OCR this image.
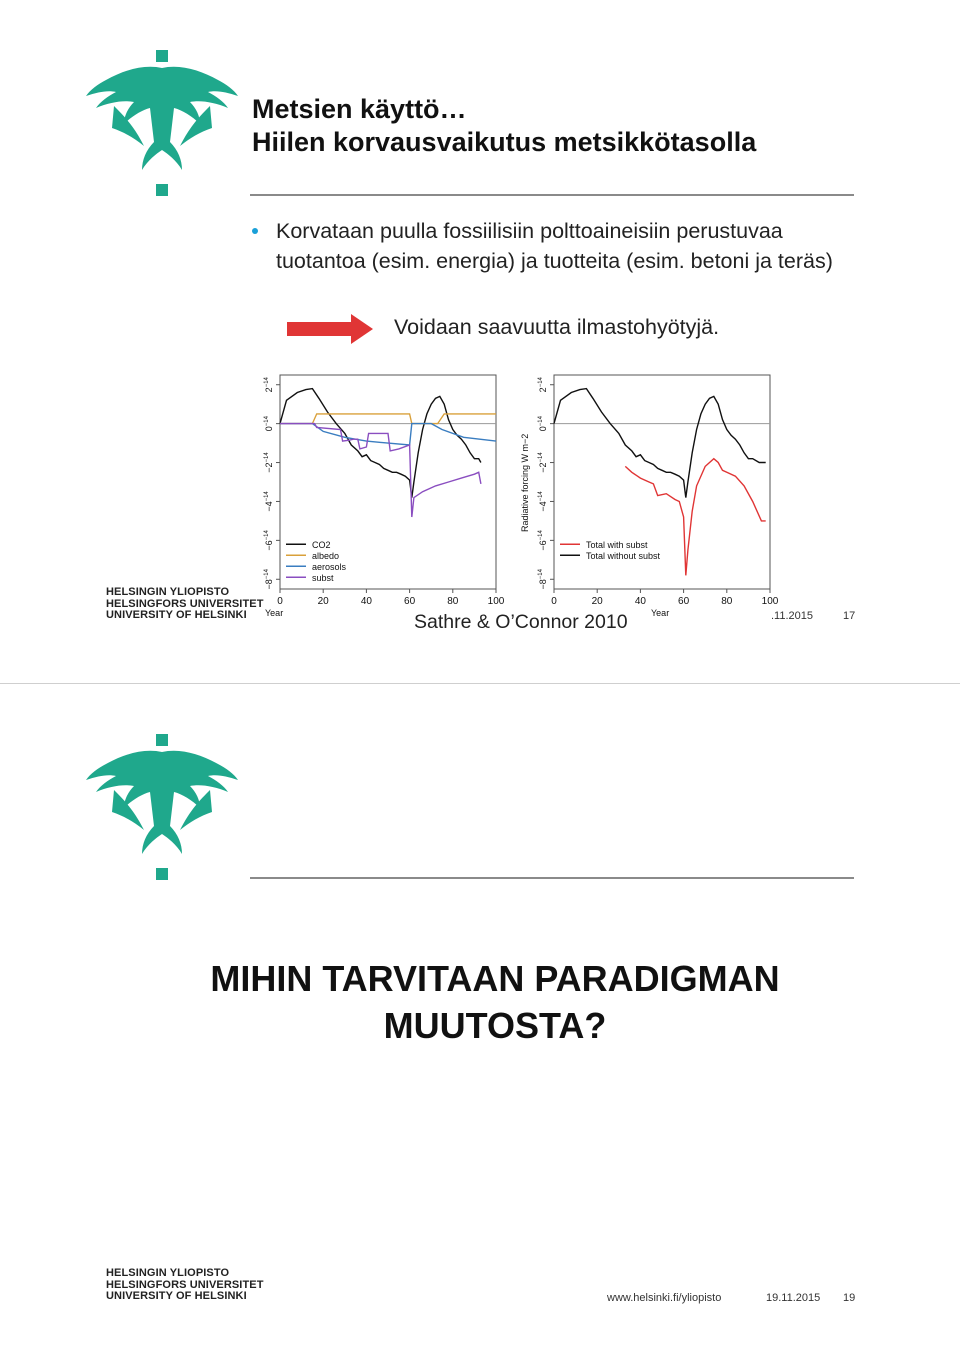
Metsien käyttö…
Hiilen korvausvaikutus metsikkötasolla
Korvataan puulla fossiilisiin polttoaineisiin perustuvaa tuotantoa (esim. energia) ja tuotteita (esim. betoni ja teräs)
Voidaan saavuutta ilmastohyötyjä.
Year
0	20	40	60	80	100
$-8^{-14}$
$-6^{-14}$
$-4^{-14}$
$-2^{-14}$
$0^{-14}$
$2^{-14}$
CO2
albedo
aerosols
subst
Year
Radiative forcing W m−2
0	20	40	60	80	100
$-8^{-14}$
$-6^{-14}$
$-4^{-14}$
$-2^{-14}$
$0^{-14}$
$2^{-14}$
Total with subst
Total without subst
Sathre & O’Connor 2010
HELSINGIN YLIOPISTO
HELSINGFORS UNIVERSITET
UNIVERSITY OF HELSINKI	.11.2015	17
HELSINGIN YLIOPISTO
HELSINGFORS UNIVERSITET
UNIVERSITY OF HELSINKI	www.helsinki.fi/yliopisto	19.11.2015 19
MIHIN TARVITAAN PARADIGMAN
MUUTOSTA?
